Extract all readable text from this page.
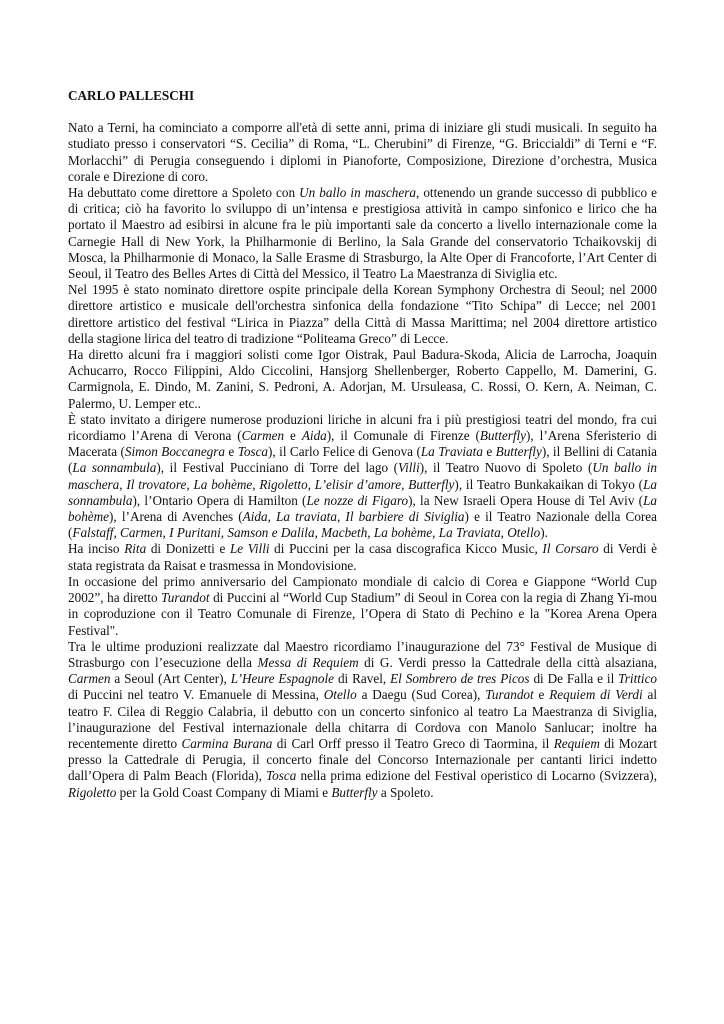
CARLO PALLESCHI

Nato a Terni, ha cominciato a comporre all'età di sette anni, prima di iniziare gli studi musicali. In seguito ha studiato presso i conservatori “S. Cecilia” di Roma, “L. Cherubini” di Firenze, “G. Briccialdi” di Terni e “F. Morlacchi” di Perugia conseguendo i diplomi in Pianoforte, Composizione, Direzione d’orchestra, Musica corale e Direzione di coro.

Ha debuttato come direttore a Spoleto con Un ballo in maschera, ottenendo un grande successo di pubblico e di critica; ciò ha favorito lo sviluppo di un’intensa e prestigiosa attività in campo sinfonico e lirico che ha portato il Maestro ad esibirsi in alcune fra le più importanti sale da concerto a livello internazionale come la Carnegie Hall di New York, la Philharmonie di Berlino, la Sala Grande del conservatorio Tchaikovskij di Mosca, la Philharmonie di Monaco, la Salle Erasme di Strasburgo, la Alte Oper di Francoforte, l’Art Center di Seoul, il Teatro des Belles Artes di Città del Messico, il Teatro La Maestranza di Siviglia etc.

Nel 1995 è stato nominato direttore ospite principale della Korean Symphony Orchestra di Seoul; nel 2000 direttore artistico e musicale dell'orchestra sinfonica della fondazione “Tito Schipa” di Lecce; nel 2001 direttore artistico del festival “Lirica in Piazza” della Città di Massa Marittima; nel 2004 direttore artistico della stagione lirica del teatro di tradizione “Politeama Greco” di Lecce.

Ha diretto alcuni fra i maggiori solisti come Igor Oistrak, Paul Badura-Skoda, Alicia de Larrocha, Joaquin Achucarro, Rocco Filippini, Aldo Ciccolini, Hansjorg Shellenberger, Roberto Cappello, M. Damerini, G. Carmignola, E. Dindo, M. Zanini, S. Pedroni, A. Adorjan, M. Ursuleasa, C. Rossi, O. Kern, A. Neiman, C. Palermo, U. Lemper etc..

È stato invitato a dirigere numerose produzioni liriche in alcuni fra i più prestigiosi teatri del mondo, fra cui ricordiamo l’Arena di Verona (Carmen e Aida), il Comunale di Firenze (Butterfly), l’Arena Sferisterio di Macerata (Simon Boccanegra e Tosca), il Carlo Felice di Genova (La Traviata e Butterfly), il Bellini di Catania (La sonnambula), il Festival Pucciniano di Torre del lago (Villi), il Teatro Nuovo di Spoleto (Un ballo in maschera, Il trovatore, La bohème, Rigoletto, L’elisir d’amore, Butterfly), il Teatro Bunkakaikan di Tokyo (La sonnambula), l’Ontario Opera di Hamilton (Le nozze di Figaro), la New Israeli Opera House di Tel Aviv (La bohème), l’Arena di Avenches (Aida, La traviata, Il barbiere di Siviglia) e il Teatro Nazionale della Corea (Falstaff, Carmen, I Puritani, Samson e Dalila, Macbeth, La bohème, La Traviata, Otello).

Ha inciso Rita di Donizetti e Le Villi di Puccini per la casa discografica Kicco Music, Il Corsaro di Verdi è stata registrata da Raisat e trasmessa in Mondovisione.

In occasione del primo anniversario del Campionato mondiale di calcio di Corea e Giappone “World Cup 2002”, ha diretto Turandot di Puccini al “World Cup Stadium” di Seoul in Corea con la regia di Zhang Yi-mou in coproduzione con il Teatro Comunale di Firenze, l’Opera di Stato di Pechino e la "Korea Arena Opera Festival".

Tra le ultime produzioni realizzate dal Maestro ricordiamo l’inaugurazione del 73° Festival de Musique di Strasburgo con l’esecuzione della Messa di Requiem di G. Verdi presso la Cattedrale della città alsaziana, Carmen a Seoul (Art Center), L’Heure Espagnole di Ravel, El Sombrero de tres Picos di De Falla e il Trittico di Puccini nel teatro V. Emanuele di Messina, Otello a Daegu (Sud Corea), Turandot e Requiem di Verdi al teatro F. Cilea di Reggio Calabria, il debutto con un concerto sinfonico al teatro La Maestranza di Siviglia, l’inaugurazione del Festival internazionale della chitarra di Cordova con Manolo Sanlucar; inoltre ha recentemente diretto Carmina Burana di Carl Orff presso il Teatro Greco di Taormina, il Requiem di Mozart presso la Cattedrale di Perugia, il concerto finale del Concorso Internazionale per cantanti lirici indetto dall’Opera di Palm Beach (Florida), Tosca nella prima edizione del Festival operistico di Locarno (Svizzera), Rigoletto per la Gold Coast Company di Miami e Butterfly a Spoleto.
